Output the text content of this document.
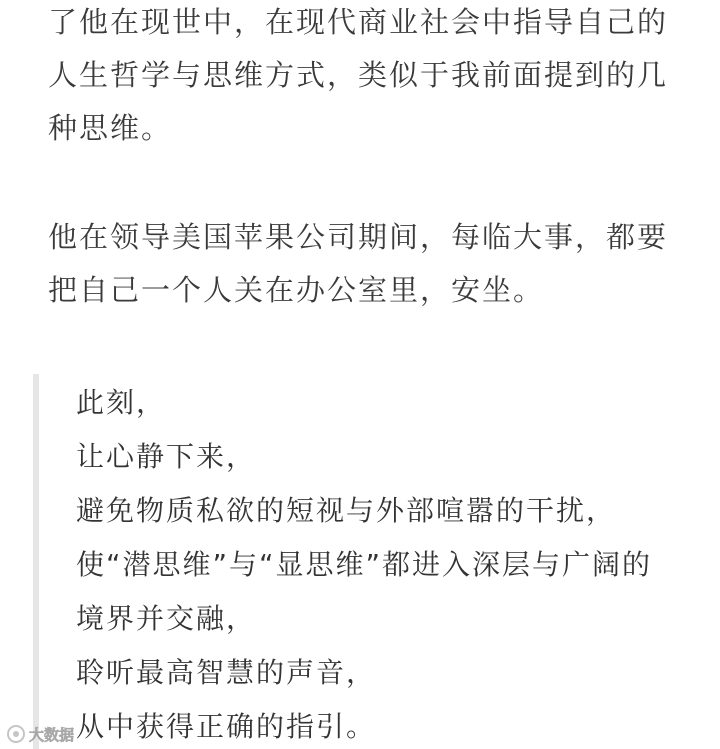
了他在现世中，在现代商业社会中指导自己的
人生哲学与思维方式，类似于我前面提到的几
种思维。

他在领导美国苹果公司期间，每临大事，都要
把自己一个人关在办公室里，安坐。

此刻，
让心静下来，
避免物质私欲的短视与外部喧嚣的干扰，
使“潜思维”与“显思维”都进入深层与广阔的
境界并交融，
聆听最高智慧的声音，
从中获得正确的指引。
大数据
